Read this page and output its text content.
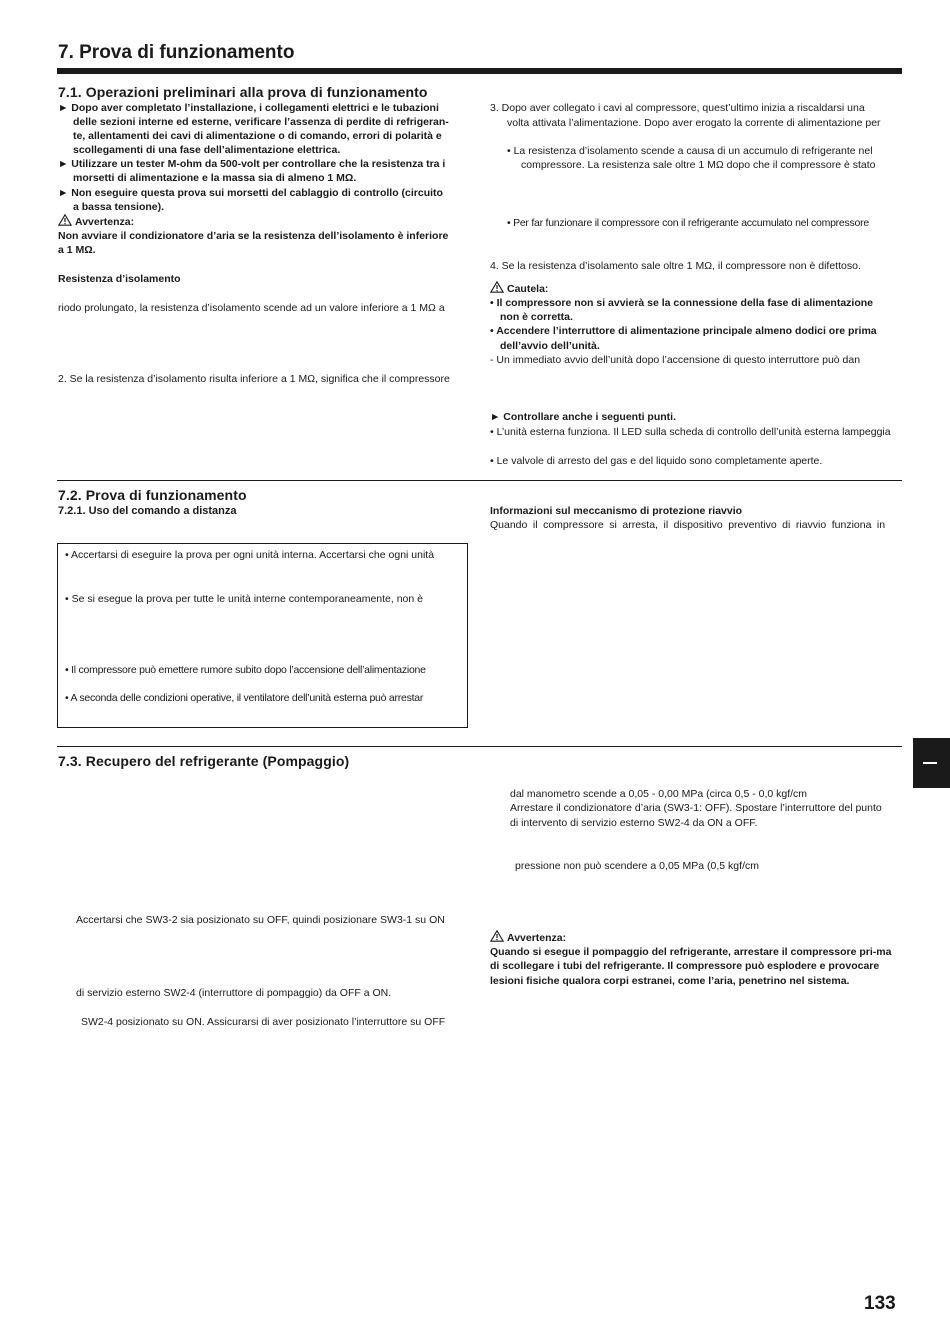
7. Prova di funzionamento
7.1. Operazioni preliminari alla prova di funzionamento
► Dopo aver completato l’installazione, i collegamenti elettrici e le tubazioni
delle sezioni interne ed esterne, verificare l’assenza di perdite di refrigeran-
te, allentamenti dei cavi di alimentazione o di comando, errori di polarità e
scollegamenti di una fase dell’alimentazione elettrica.
► Utilizzare un tester M-ohm da 500-volt per controllare che la resistenza tra i
morsetti di alimentazione e la massa sia di almeno 1 MΩ.
► Non eseguire questa prova sui morsetti del cablaggio di controllo (circuito
a bassa tensione).
Avvertenza:
Non avviare il condizionatore d’aria se la resistenza dell’isolamento è inferiore
a 1 MΩ.
Resistenza d’isolamento
riodo prolungato, la resistenza d’isolamento scende ad un valore inferiore a 1 MΩ a
2. Se la resistenza d’isolamento risulta inferiore a 1 MΩ, significa che il compressore
3. Dopo aver collegato i cavi al compressore, quest’ultimo inizia a riscaldarsi una
volta attivata l’alimentazione. Dopo aver erogato la corrente di alimentazione per
• La resistenza d’isolamento scende a causa di un accumulo di refrigerante nel
compressore. La resistenza sale oltre 1 MΩ dopo che il compressore è stato
• Per far funzionare il compressore con il refrigerante accumulato nel compressore
4. Se la resistenza d’isolamento sale oltre 1 MΩ, il compressore non è difettoso.
Cautela:
• Il compressore non si avvierà se la connessione della fase di alimentazione
non è corretta.
• Accendere l’interruttore di alimentazione principale almeno dodici ore prima
dell’avvio dell’unità.
- Un immediato avvio dell’unità dopo l’accensione di questo interruttore può dan
► Controllare anche i seguenti punti.
• L’unità esterna funziona. Il LED sulla scheda di controllo dell’unità esterna lampeggia
• Le valvole di arresto del gas e del liquido sono completamente aperte.
7.2. Prova di funzionamento
7.2.1. Uso del comando a distanza
• Accertarsi di eseguire la prova per ogni unità interna. Accertarsi che ogni unità
• Se si esegue la prova per tutte le unità interne contemporaneamente, non è
• Il compressore può emettere rumore subito dopo l’accensione dell’alimentazione
• A seconda delle condizioni operative, il ventilatore dell’unità esterna può arrestar
Informazioni sul meccanismo di protezione riavvio
Quando il compressore si arresta, il dispositivo preventivo di riavvio funziona in
7.3. Recupero del refrigerante (Pompaggio)
Accertarsi che SW3-2 sia posizionato su OFF, quindi posizionare SW3-1 su ON
di servizio esterno SW2-4 (interruttore di pompaggio) da OFF a ON.
SW2-4 posizionato su ON. Assicurarsi di aver posizionato l’interruttore su OFF
dal manometro scende a 0,05 - 0,00 MPa (circa 0,5 - 0,0 kgf/cm
Arrestare il condizionatore d’aria (SW3-1: OFF). Spostare l’interruttore del punto
di intervento di servizio esterno SW2-4 da ON a OFF.
pressione non può scendere a 0,05 MPa (0,5 kgf/cm
Avvertenza:
Quando si esegue il pompaggio del refrigerante, arrestare il compressore pri-ma
di scollegare i tubi del refrigerante. Il compressore può esplodere e provocare
lesioni fisiche qualora corpi estranei, come l’aria, penetrino nel sistema.
133
